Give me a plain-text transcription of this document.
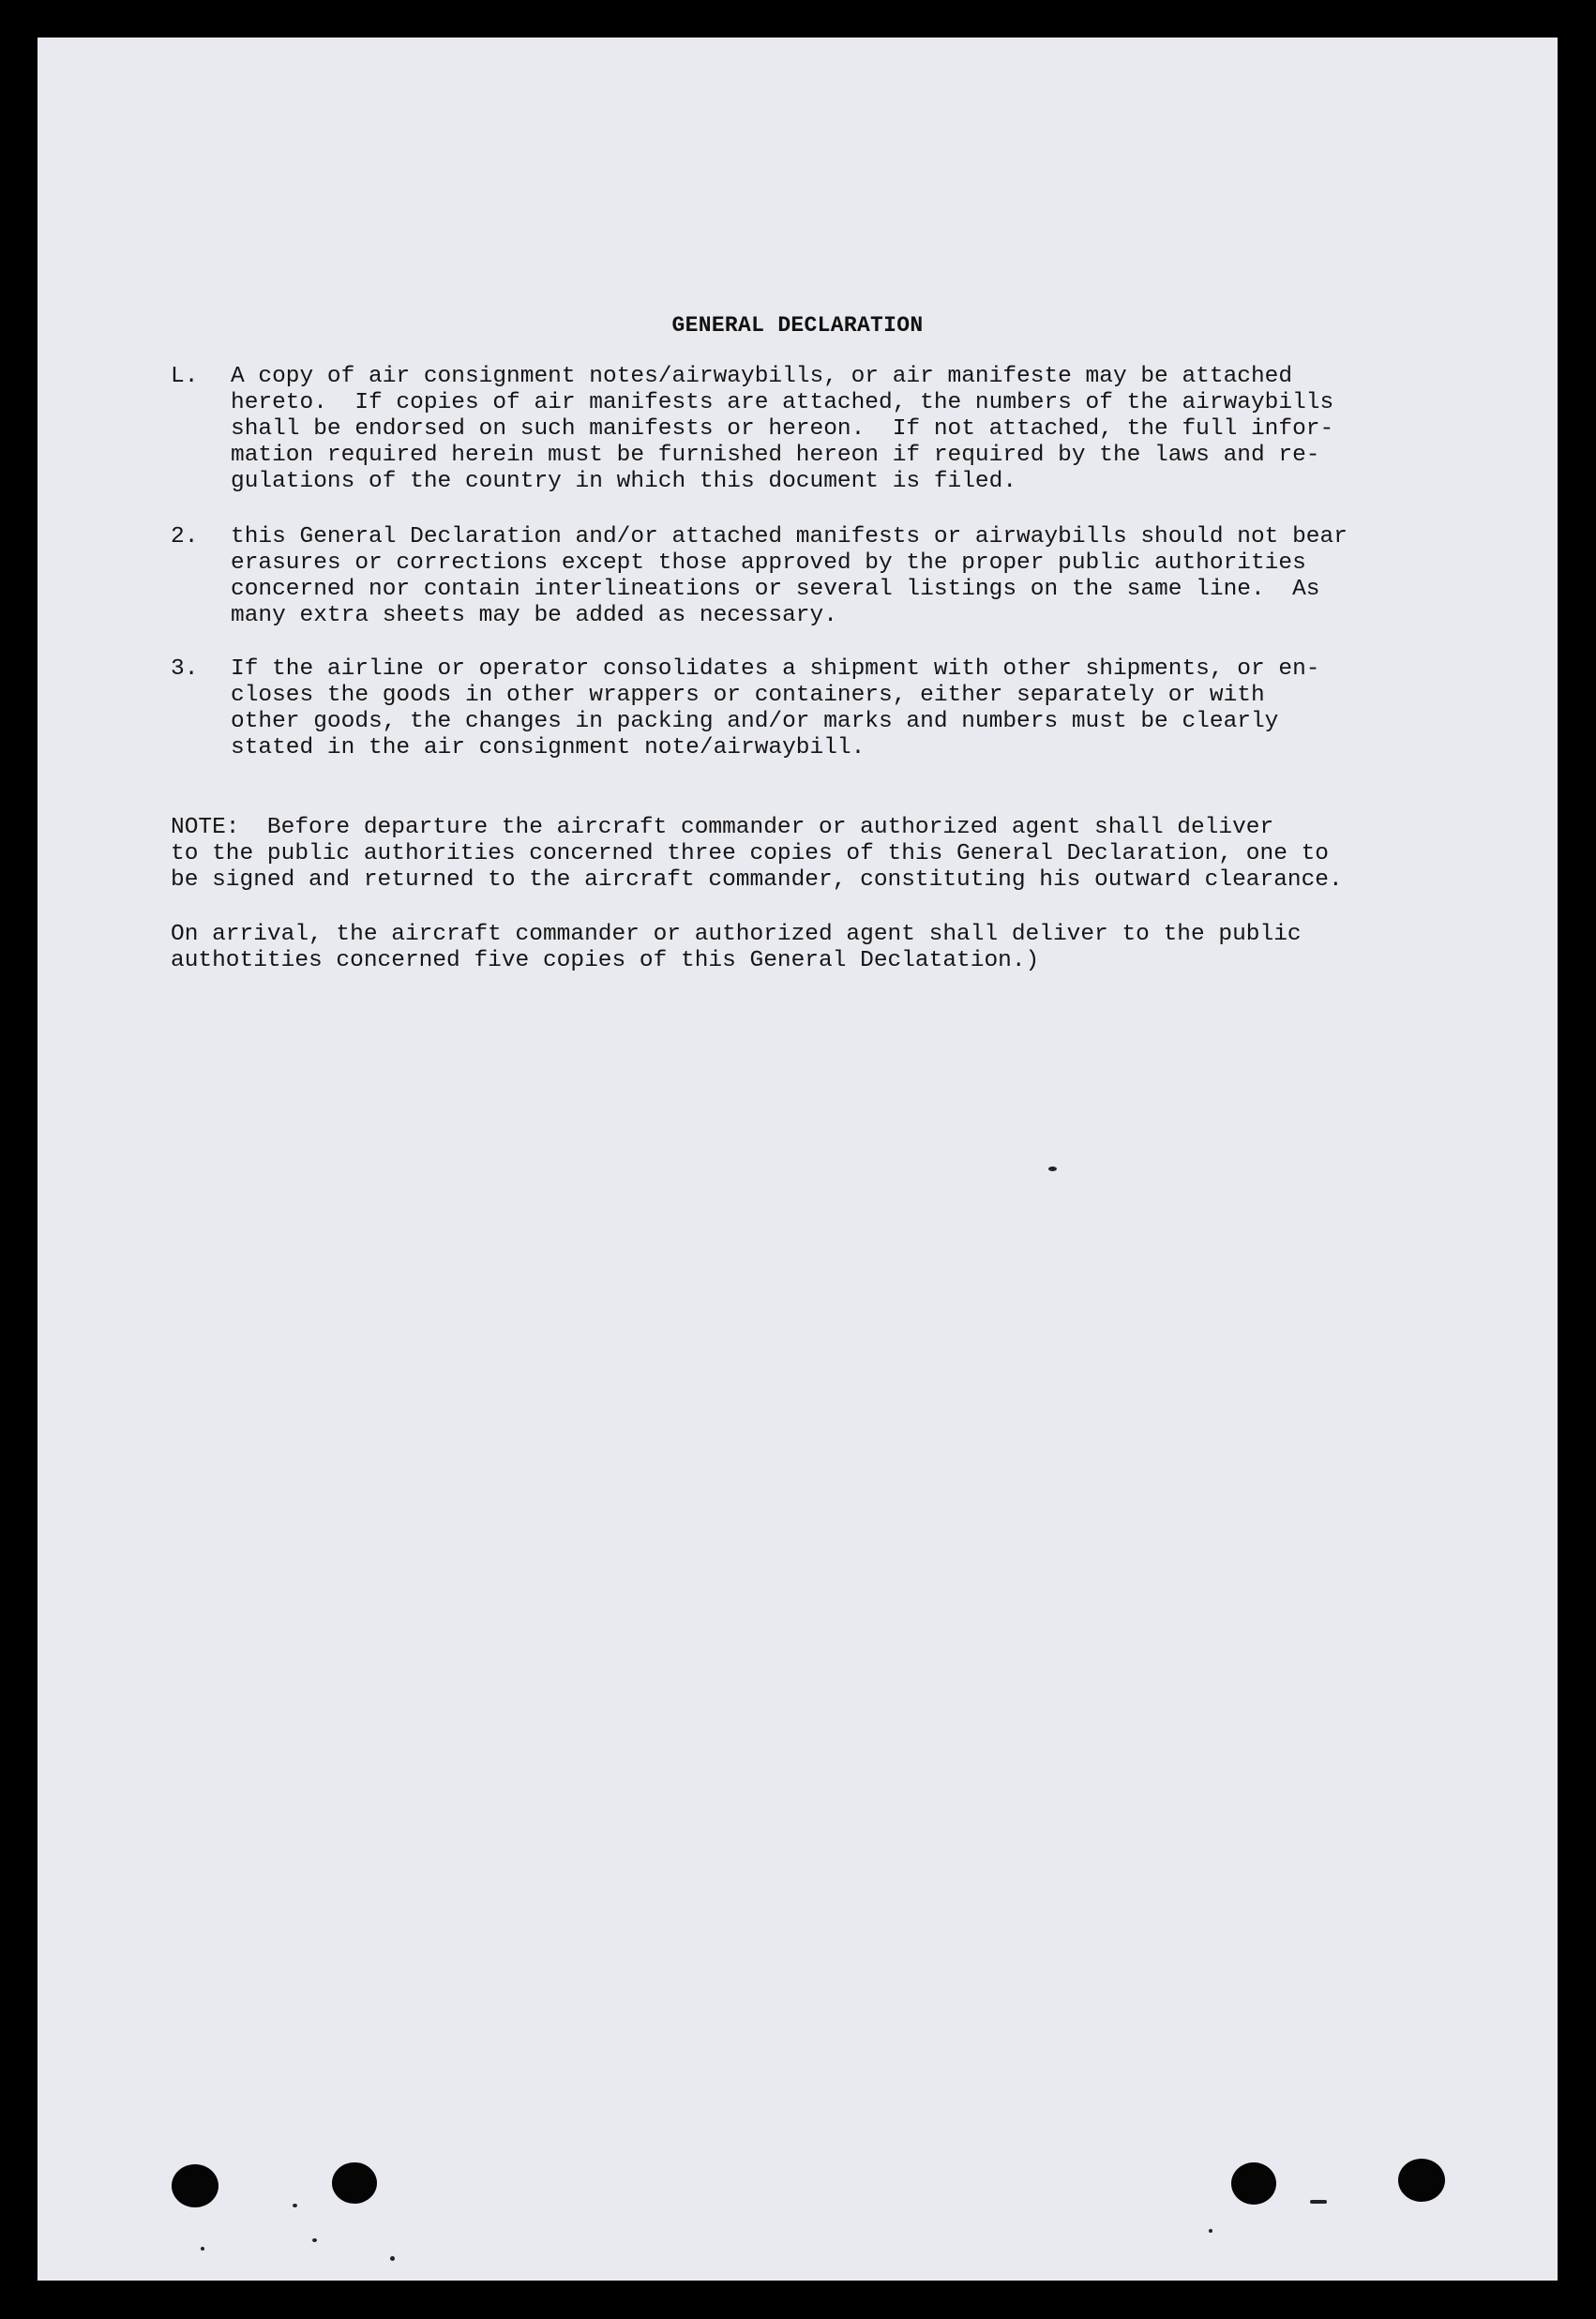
GENERAL DECLARATION
L.	A copy of air consignment notes/airwaybills, or air manifeste may be attached
hereto.  If copies of air manifests are attached, the numbers of the airwaybills
shall be endorsed on such manifests or hereon.  If not attached, the full infor-
mation required herein must be furnished hereon if required by the laws and re-
gulations of the country in which this document is filed.
2.	this General Declaration and/or attached manifests or airwaybills should not bear
erasures or corrections except those approved by the proper public authorities
concerned nor contain interlineations or several listings on the same line.  As
many extra sheets may be added as necessary.
3.	If the airline or operator consolidates a shipment with other shipments, or en-
closes the goods in other wrappers or containers, either separately or with
other goods, the changes in packing and/or marks and numbers must be clearly
stated in the air consignment note/airwaybill.
NOTE:  Before departure the aircraft commander or authorized agent shall deliver
to the public authorities concerned three copies of this General Declaration, one to
be signed and returned to the aircraft commander, constituting his outward clearance.
On arrival, the aircraft commander or authorized agent shall deliver to the public
authotities concerned five copies of this General Declatation.)
